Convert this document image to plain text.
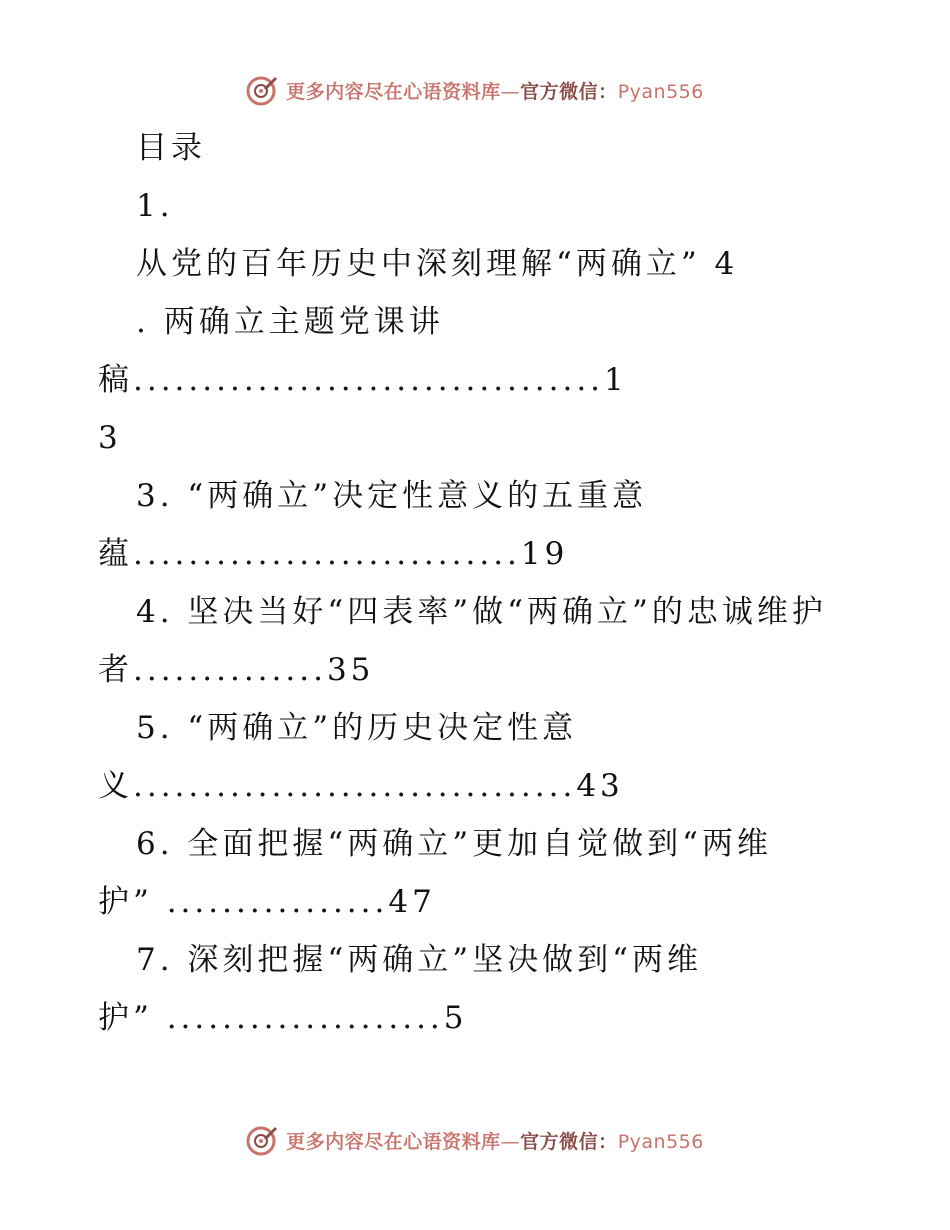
更多内容尽在心语资料库—官方微信：Pyan556
目录
1.
从党的百年历史中深刻理解“两确立” 4
. 两确立主题党课讲
稿..................................1
3
3. “两确立”决定性意义的五重意
蕴............................19
4. 坚决当好“四表率”做“两确立”的忠诚维护
者..............35
5. “两确立”的历史决定性意
义................................43
6. 全面把握“两确立”更加自觉做到“两维
护” ................47
7. 深刻把握“两确立”坚决做到“两维
护” ....................5
更多内容尽在心语资料库—官方微信：Pyan556
